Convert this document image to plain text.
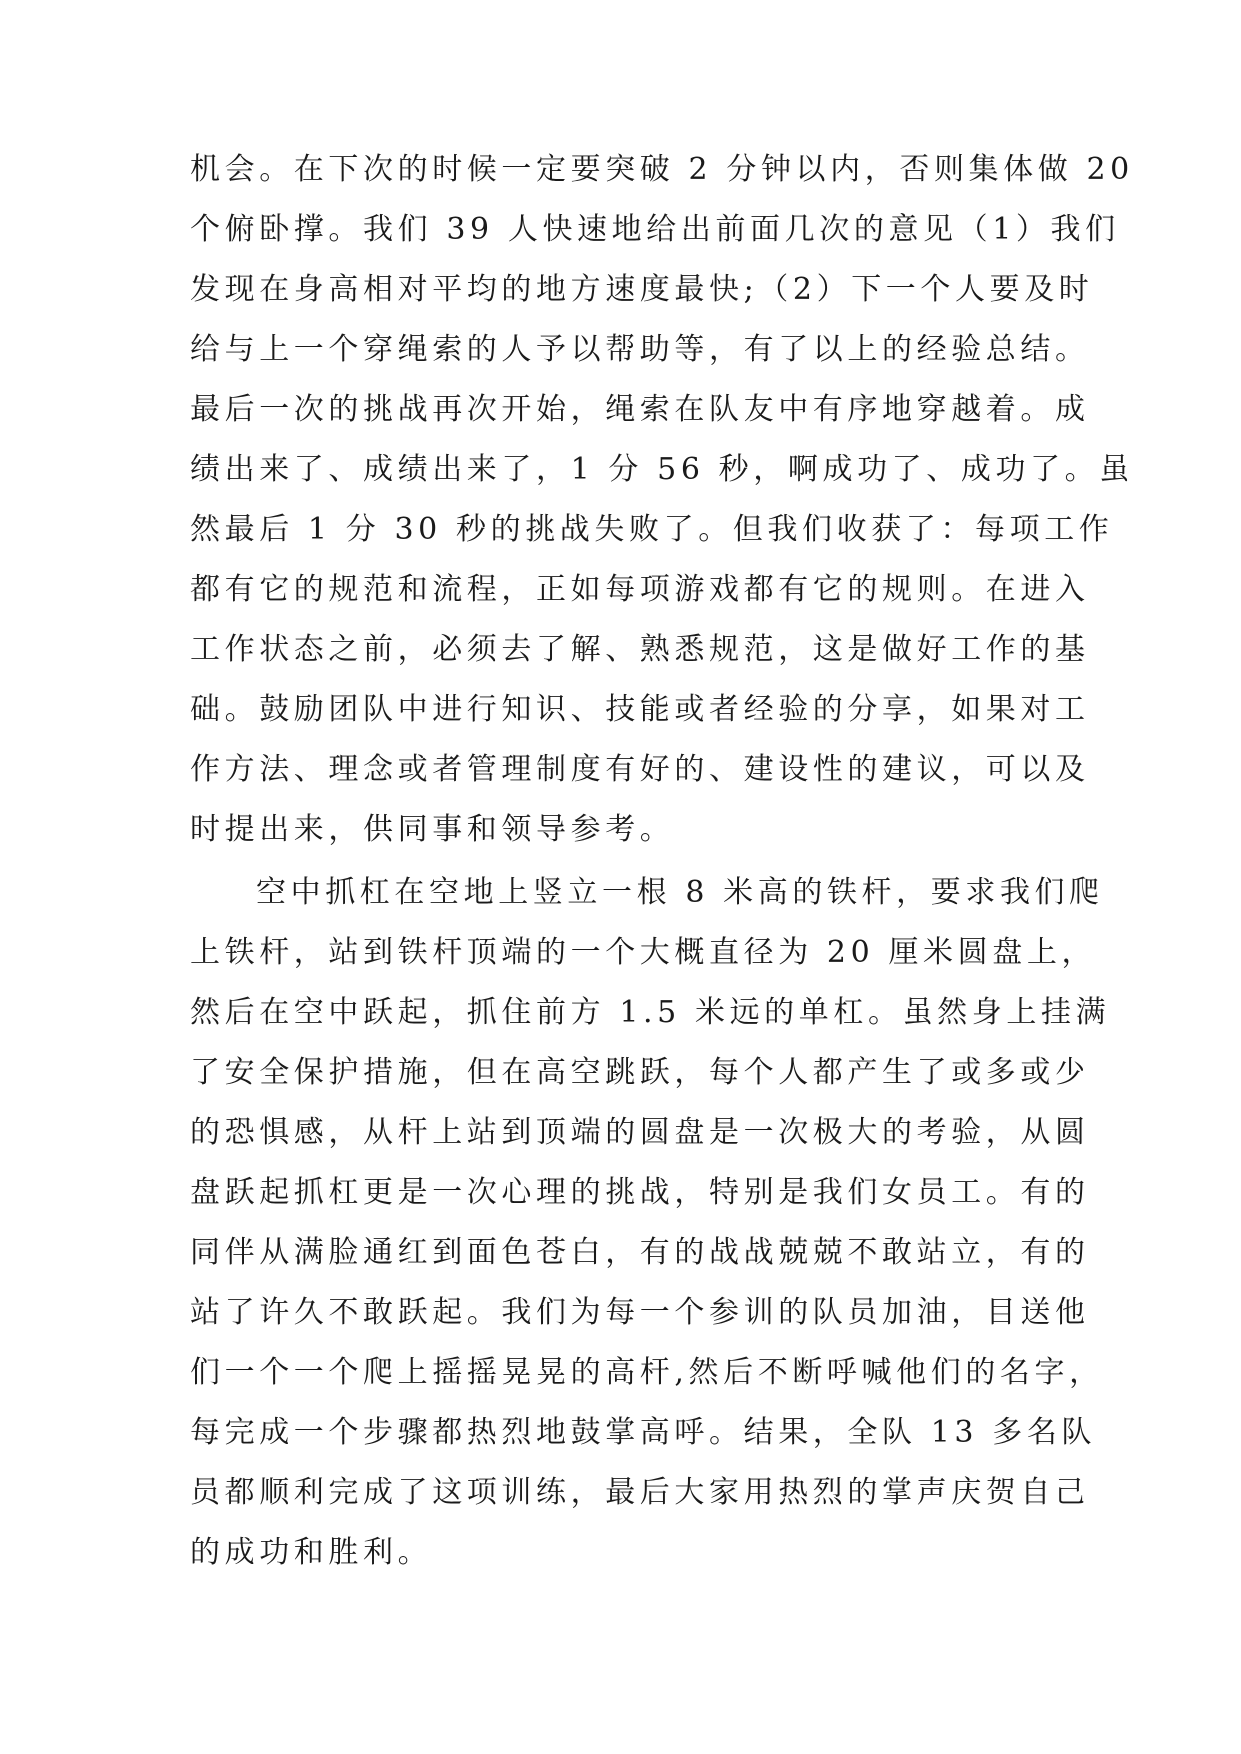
机会。在下次的时候一定要突破 2 分钟以内，否则集体做 20
个俯卧撑。我们 39 人快速地给出前面几次的意见（1）我们
发现在身高相对平均的地方速度最快;（2）下一个人要及时
给与上一个穿绳索的人予以帮助等，有了以上的经验总结。
最后一次的挑战再次开始，绳索在队友中有序地穿越着。成
绩出来了、成绩出来了，1 分 56 秒，啊成功了、成功了。虽
然最后 1 分 30 秒的挑战失败了。但我们收获了：每项工作
都有它的规范和流程，正如每项游戏都有它的规则。在进入
工作状态之前，必须去了解、熟悉规范，这是做好工作的基
础。鼓励团队中进行知识、技能或者经验的分享，如果对工
作方法、理念或者管理制度有好的、建设性的建议，可以及
时提出来，供同事和领导参考。
空中抓杠在空地上竖立一根 8 米高的铁杆，要求我们爬
上铁杆，站到铁杆顶端的一个大概直径为 20 厘米圆盘上，
然后在空中跃起，抓住前方 1.5 米远的单杠。虽然身上挂满
了安全保护措施，但在高空跳跃，每个人都产生了或多或少
的恐惧感，从杆上站到顶端的圆盘是一次极大的考验，从圆
盘跃起抓杠更是一次心理的挑战，特别是我们女员工。有的
同伴从满脸通红到面色苍白，有的战战兢兢不敢站立，有的
站了许久不敢跃起。我们为每一个参训的队员加油，目送他
们一个一个爬上摇摇晃晃的高杆,然后不断呼喊他们的名字，
每完成一个步骤都热烈地鼓掌高呼。结果，全队 13 多名队
员都顺利完成了这项训练，最后大家用热烈的掌声庆贺自己
的成功和胜利。
